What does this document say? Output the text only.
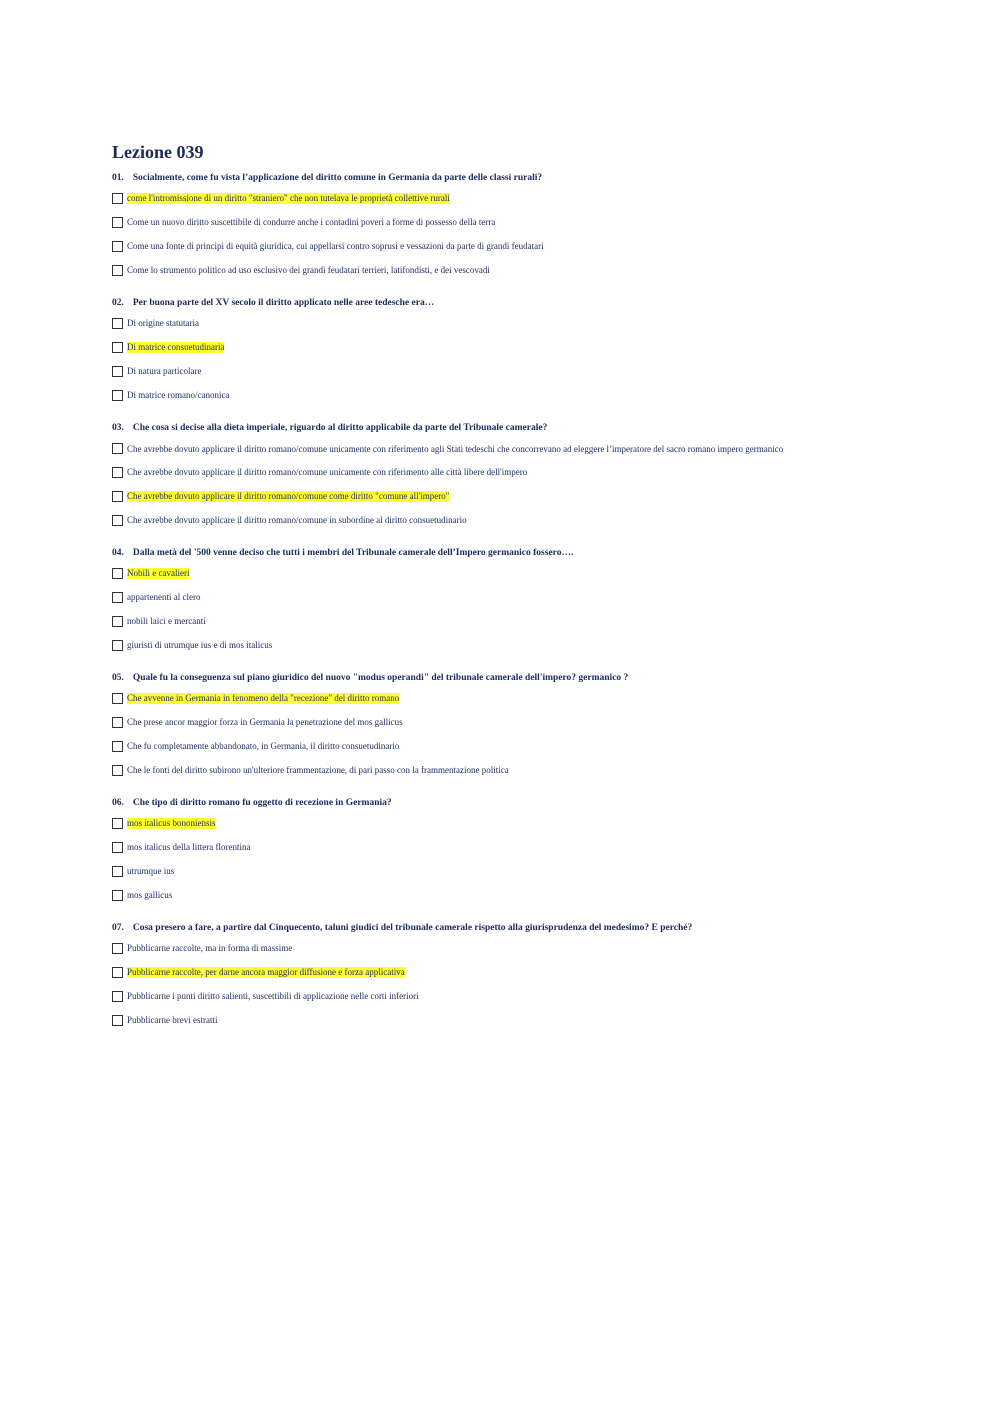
Lezione 039
01. Socialmente, come fu vista l’applicazione del diritto comune in Germania da parte delle classi rurali?
come l'intromissione di un diritto "straniero" che non tutelava le proprietà collettive rurali
Come un nuovo diritto suscettibile di condurre anche i contadini poveri a forme di possesso della terra
Come una fonte di principi di equità giuridica, cui appellarsi contro soprusi e vessazioni da parte di grandi feudatari
Come lo strumento politico ad uso esclusivo dei grandi feudatari terrieri, latifondisti, e dei vescovadi
02. Per buona parte del XV secolo il diritto applicato nelle aree tedesche era…
Di origine statutaria
Di matrice consuetudinaria
Di natura particolare
Di matrice romano/canonica
03. Che cosa si decise alla dieta imperiale, riguardo al diritto applicabile da parte del Tribunale camerale?
Che avrebbe dovuto applicare il diritto romano/comune unicamente con riferimento agli Stati tedeschi che concorrevano ad eleggere l’imperatore del sacro romano impero germanico
Che avrebbe dovuto applicare il diritto romano/comune unicamente con riferimento alle città libere dell'impero
Che avrebbe dovuto applicare il diritto romano/comune come diritto "comune all'impero"
Che avrebbe dovuto applicare il diritto romano/comune in subordine al diritto consuetudinario
04. Dalla metà del '500 venne deciso che tutti i membri del Tribunale camerale dell’Impero germanico fossero….
Nobili e cavalieri
appartenenti al clero
nobili laici e mercanti
giuristi di utrumque ius e di mos italicus
05. Quale fu la conseguenza sul piano giuridico del nuovo "modus operandi" del tribunale camerale dell'impero? germanico ?
Che avvenne in Germania in fenomeno della "recezione" del diritto romano
Che prese ancor maggior forza in Germania la penetrazione del mos gallicus
Che fu completamente abbandonato, in Germania, il diritto consuetudinario
Che le fonti del diritto subirono un'ulteriore frammentazione, di pari passo con la frammentazione politica
06. Che tipo di diritto romano fu oggetto di recezione in Germania?
mos italicus bononiensis
mos italicus della littera florentina
utrumque ius
mos gallicus
07. Cosa presero a fare, a partire dal Cinquecento, taluni giudici del tribunale camerale rispetto alla giurisprudenza del medesimo? E perché?
Pubblicarne raccolte, ma in forma di massime
Pubblicarne raccolte, per darne ancora maggior diffusione e forza applicativa
Pubblicarne i punti diritto salienti, suscettibili di applicazione nelle corti inferiori
Pubblicarne brevi estratti
